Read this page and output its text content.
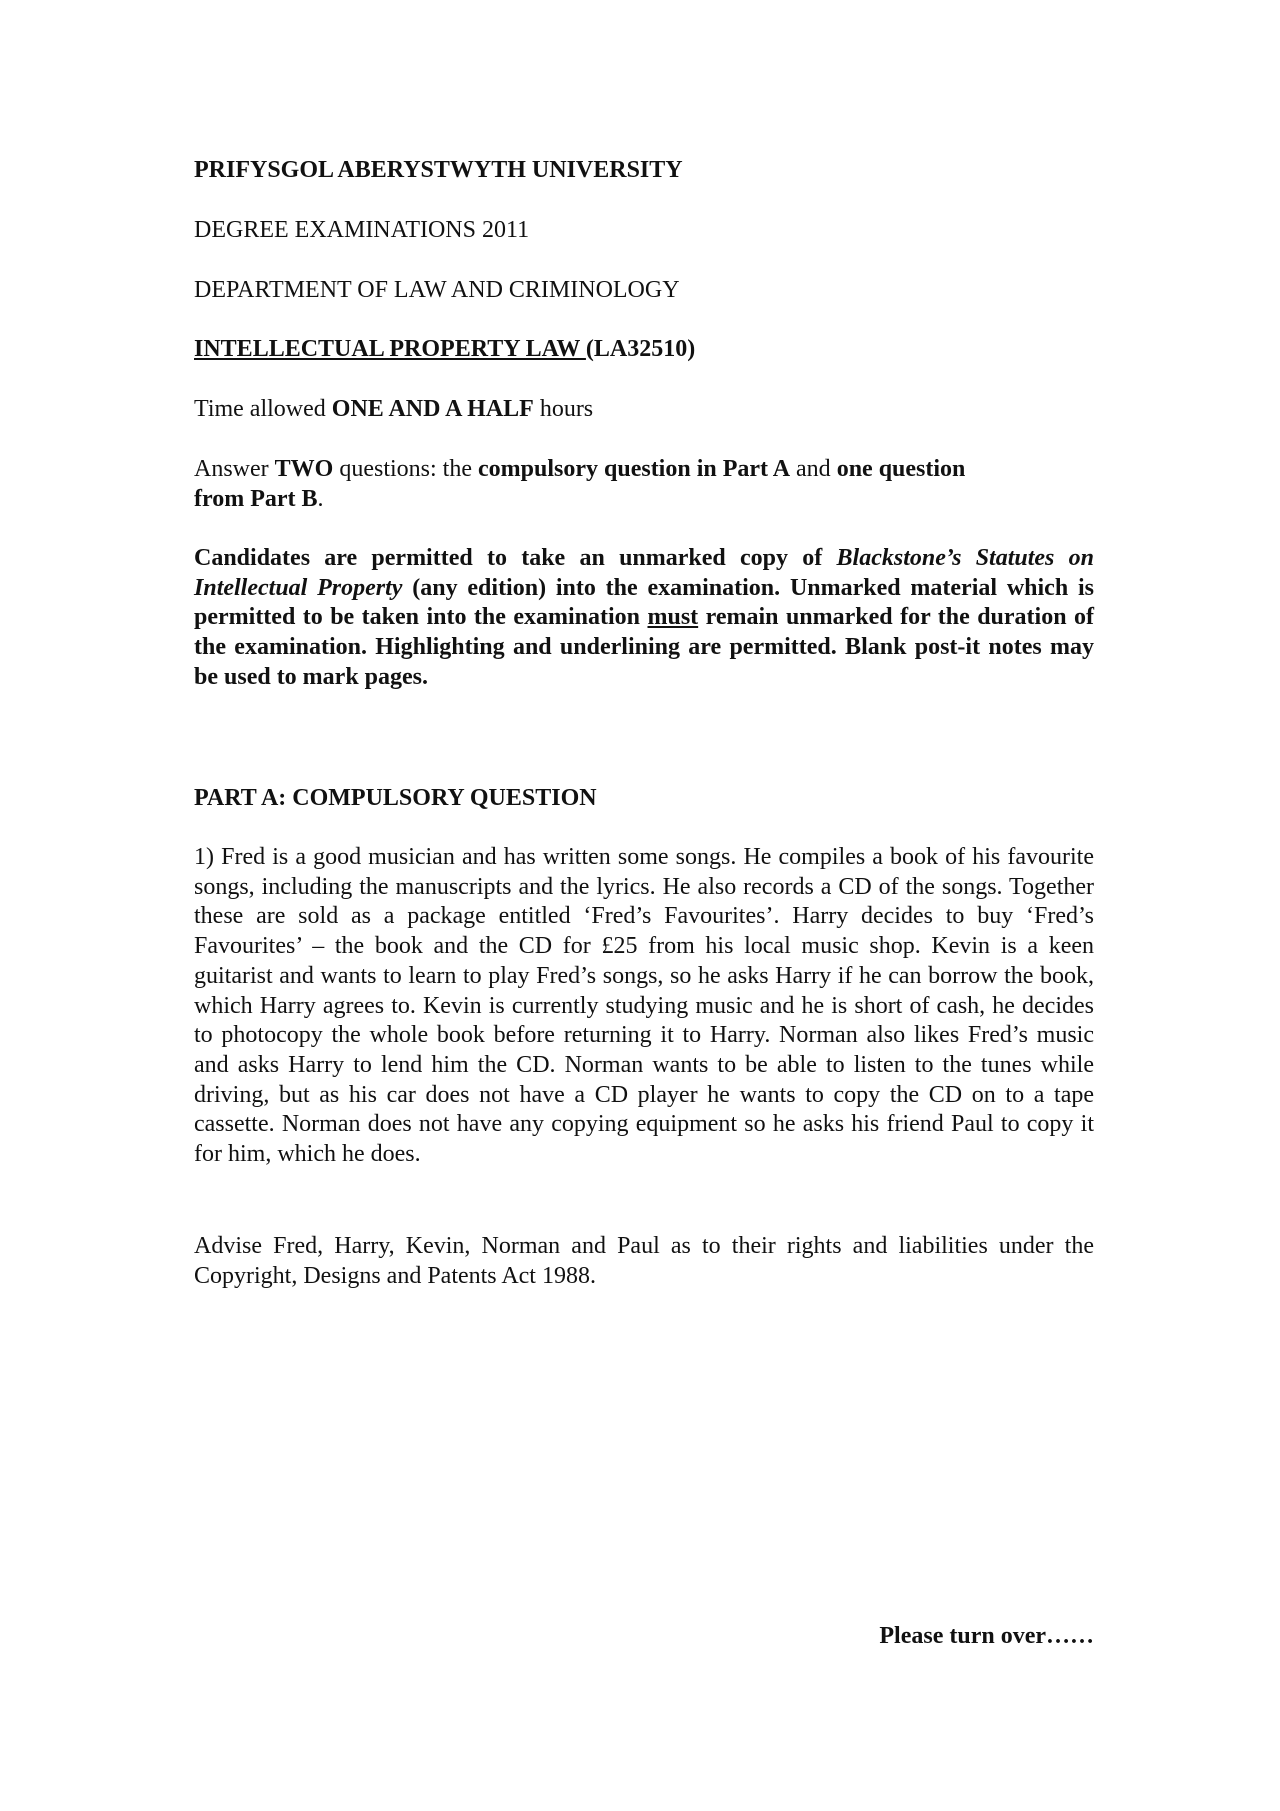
PRIFYSGOL ABERYSTWYTH UNIVERSITY
DEGREE EXAMINATIONS 2011
DEPARTMENT OF LAW AND CRIMINOLOGY
INTELLECTUAL PROPERTY LAW (LA32510)
Time allowed ONE AND A HALF hours
Answer TWO questions: the compulsory question in Part A and one question
from Part B.
Candidates are permitted to take an unmarked copy of Blackstone’s Statutes on Intellectual Property (any edition) into the examination. Unmarked material which is permitted to be taken into the examination must remain unmarked for the duration of the examination. Highlighting and underlining are permitted. Blank post-it notes may be used to mark pages.
PART A: COMPULSORY QUESTION
1) Fred is a good musician and has written some songs. He compiles a book of his favourite songs, including the manuscripts and the lyrics. He also records a CD of the songs. Together these are sold as a package entitled ‘Fred’s Favourites’. Harry decides to buy ‘Fred’s Favourites’ – the book and the CD for £25 from his local music shop. Kevin is a keen guitarist and wants to learn to play Fred’s songs, so he asks Harry if he can borrow the book, which Harry agrees to. Kevin is currently studying music and he is short of cash, he decides to photocopy the whole book before returning it to Harry. Norman also likes Fred’s music and asks Harry to lend him the CD. Norman wants to be able to listen to the tunes while driving, but as his car does not have a CD player he wants to copy the CD on to a tape cassette. Norman does not have any copying equipment so he asks his friend Paul to copy it for him, which he does.
Advise Fred, Harry, Kevin, Norman and Paul as to their rights and liabilities under the Copyright, Designs and Patents Act 1988.
Please turn over……
